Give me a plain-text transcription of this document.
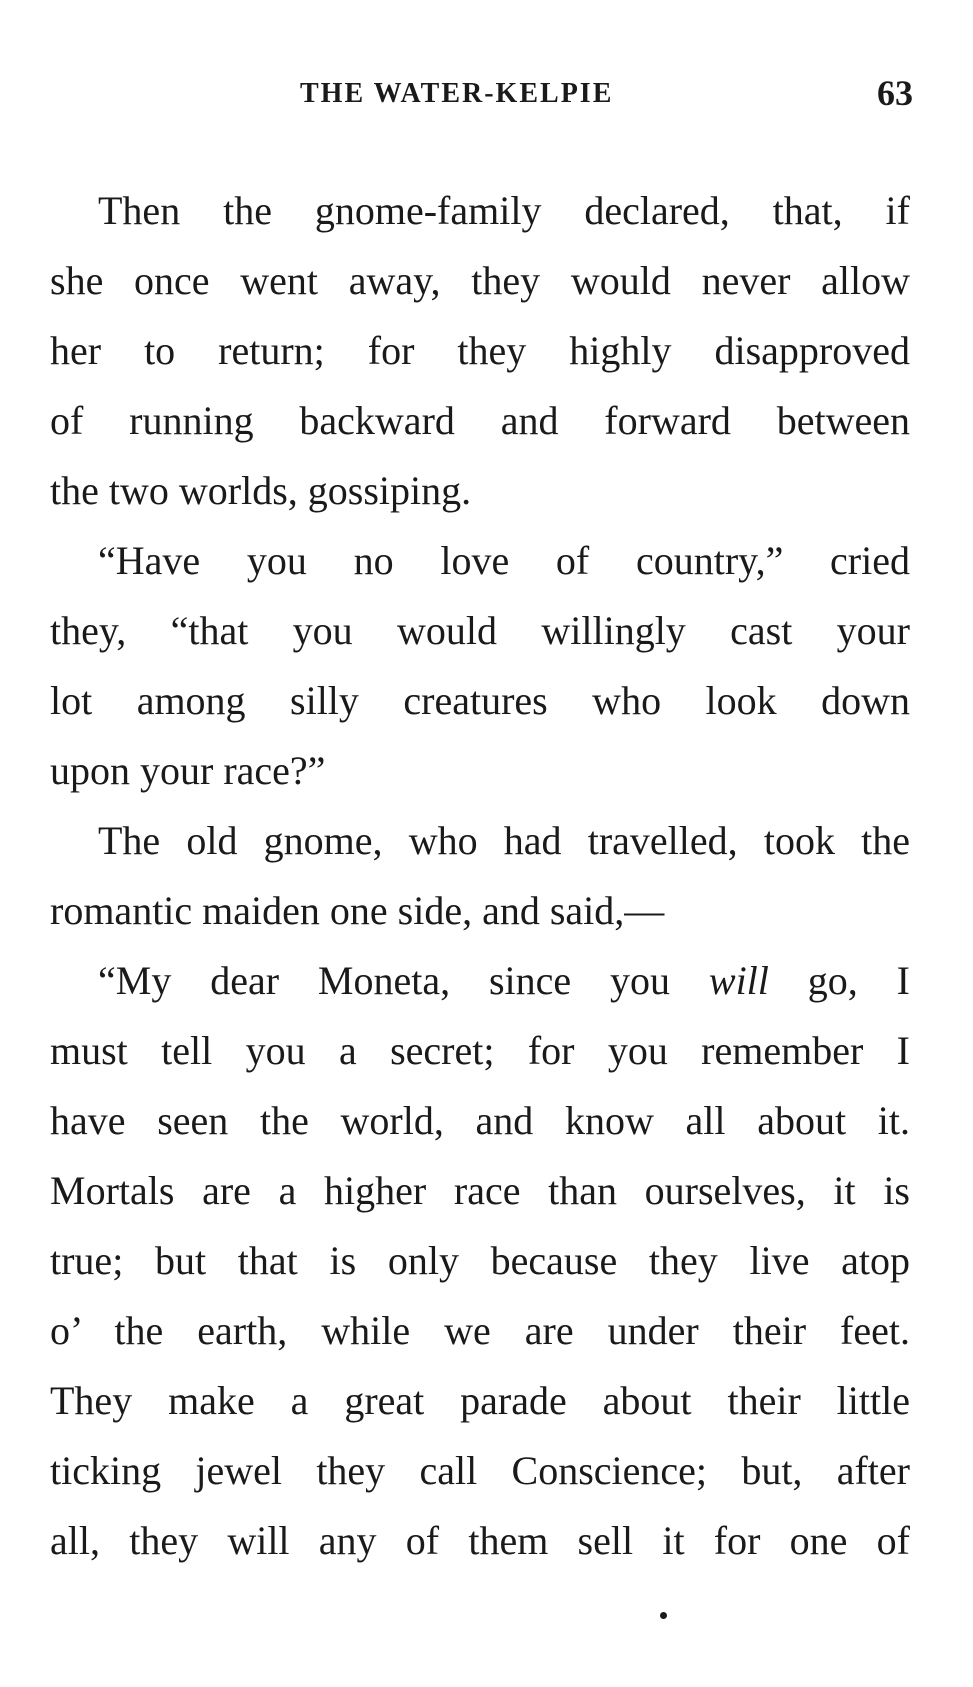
THE WATER-KELPIE	63
Then the gnome-family declared, that, if
she once went away, they would never allow
her to return; for they highly disapproved
of running backward and forward between
the two worlds, gossiping.
“Have you no love of country,” cried
they, “that you would willingly cast your
lot among silly creatures who look down
upon your race?”
The old gnome, who had travelled, took the
romantic maiden one side, and said,—
“My dear Moneta, since you will go, I
must tell you a secret; for you remember I
have seen the world, and know all about it.
Mortals are a higher race than ourselves, it is
true; but that is only because they live atop
o’ the earth, while we are under their feet.
They make a great parade about their little
ticking jewel they call Conscience; but, after
all, they will any of them sell it for one of
